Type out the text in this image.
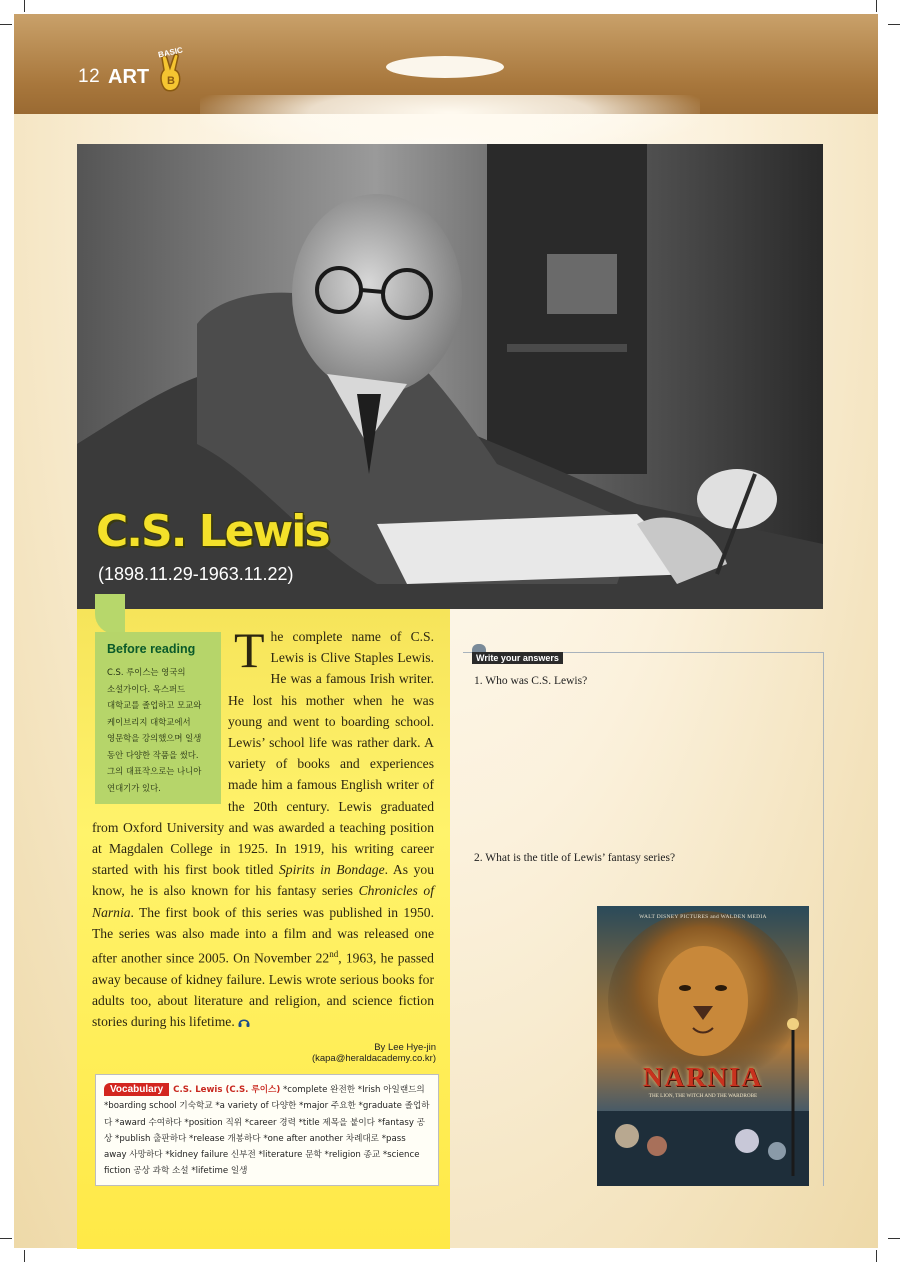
12 ART
BASIC
B
C.S. Lewis
(1898.11.29-1963.11.22)
Before reading
C.S. 루이스는 영국의
소설가이다. 옥스퍼드
대학교를 졸업하고 모교와
케이브리지 대학교에서
영문학을 강의했으며 일생
동안 다양한 작품을 썼다.
그의 대표작으로는 나니아
연대기가 있다.
The complete name of C.S. Lewis is Clive Staples Lewis. He was a famous Irish writer. He lost his mother when he was young and went to boarding school. Lewis’ school life was rather dark. A variety of books and experiences made him a famous English writer of the 20th century. Lewis graduated from Oxford University and was awarded a teaching position at Magdalen College in 1925. In 1919, his writing career started with his first book titled Spirits in Bondage. As you know, he is also known for his fantasy series Chronicles of Narnia. The first book of this series was published in 1950. The series was also made into a film and was released one after another since 2005. On November 22nd, 1963, he passed away because of kidney failure. Lewis wrote serious books for adults too, about literature and religion, and science fiction stories during his lifetime.
By Lee Hye-jin (kapa@heraldacademy.co.kr)
Vocabulary C.S. Lewis (C.S. 루이스) *complete 완전한 *Irish 아일랜드의 *boarding school 기숙학교 *a variety of 다양한 *major 주요한 *graduate 졸업하다 *award 수여하다 *position 직위 *career 경력 *title 제목을 붙이다 *fantasy 공상 *publish 출판하다 *release 개봉하다 *one after another 차례대로 *pass away 사망하다 *kidney failure 신부전 *literature 문학 *religion 종교 *science fiction 공상 과학 소설 *lifetime 일생
Write your answers
1. Who was C.S. Lewis?
2. What is the title of Lewis’ fantasy series?
WALT DISNEY PICTURES and WALDEN MEDIA
NARNIA
THE LION, THE WITCH AND THE WARDROBE
